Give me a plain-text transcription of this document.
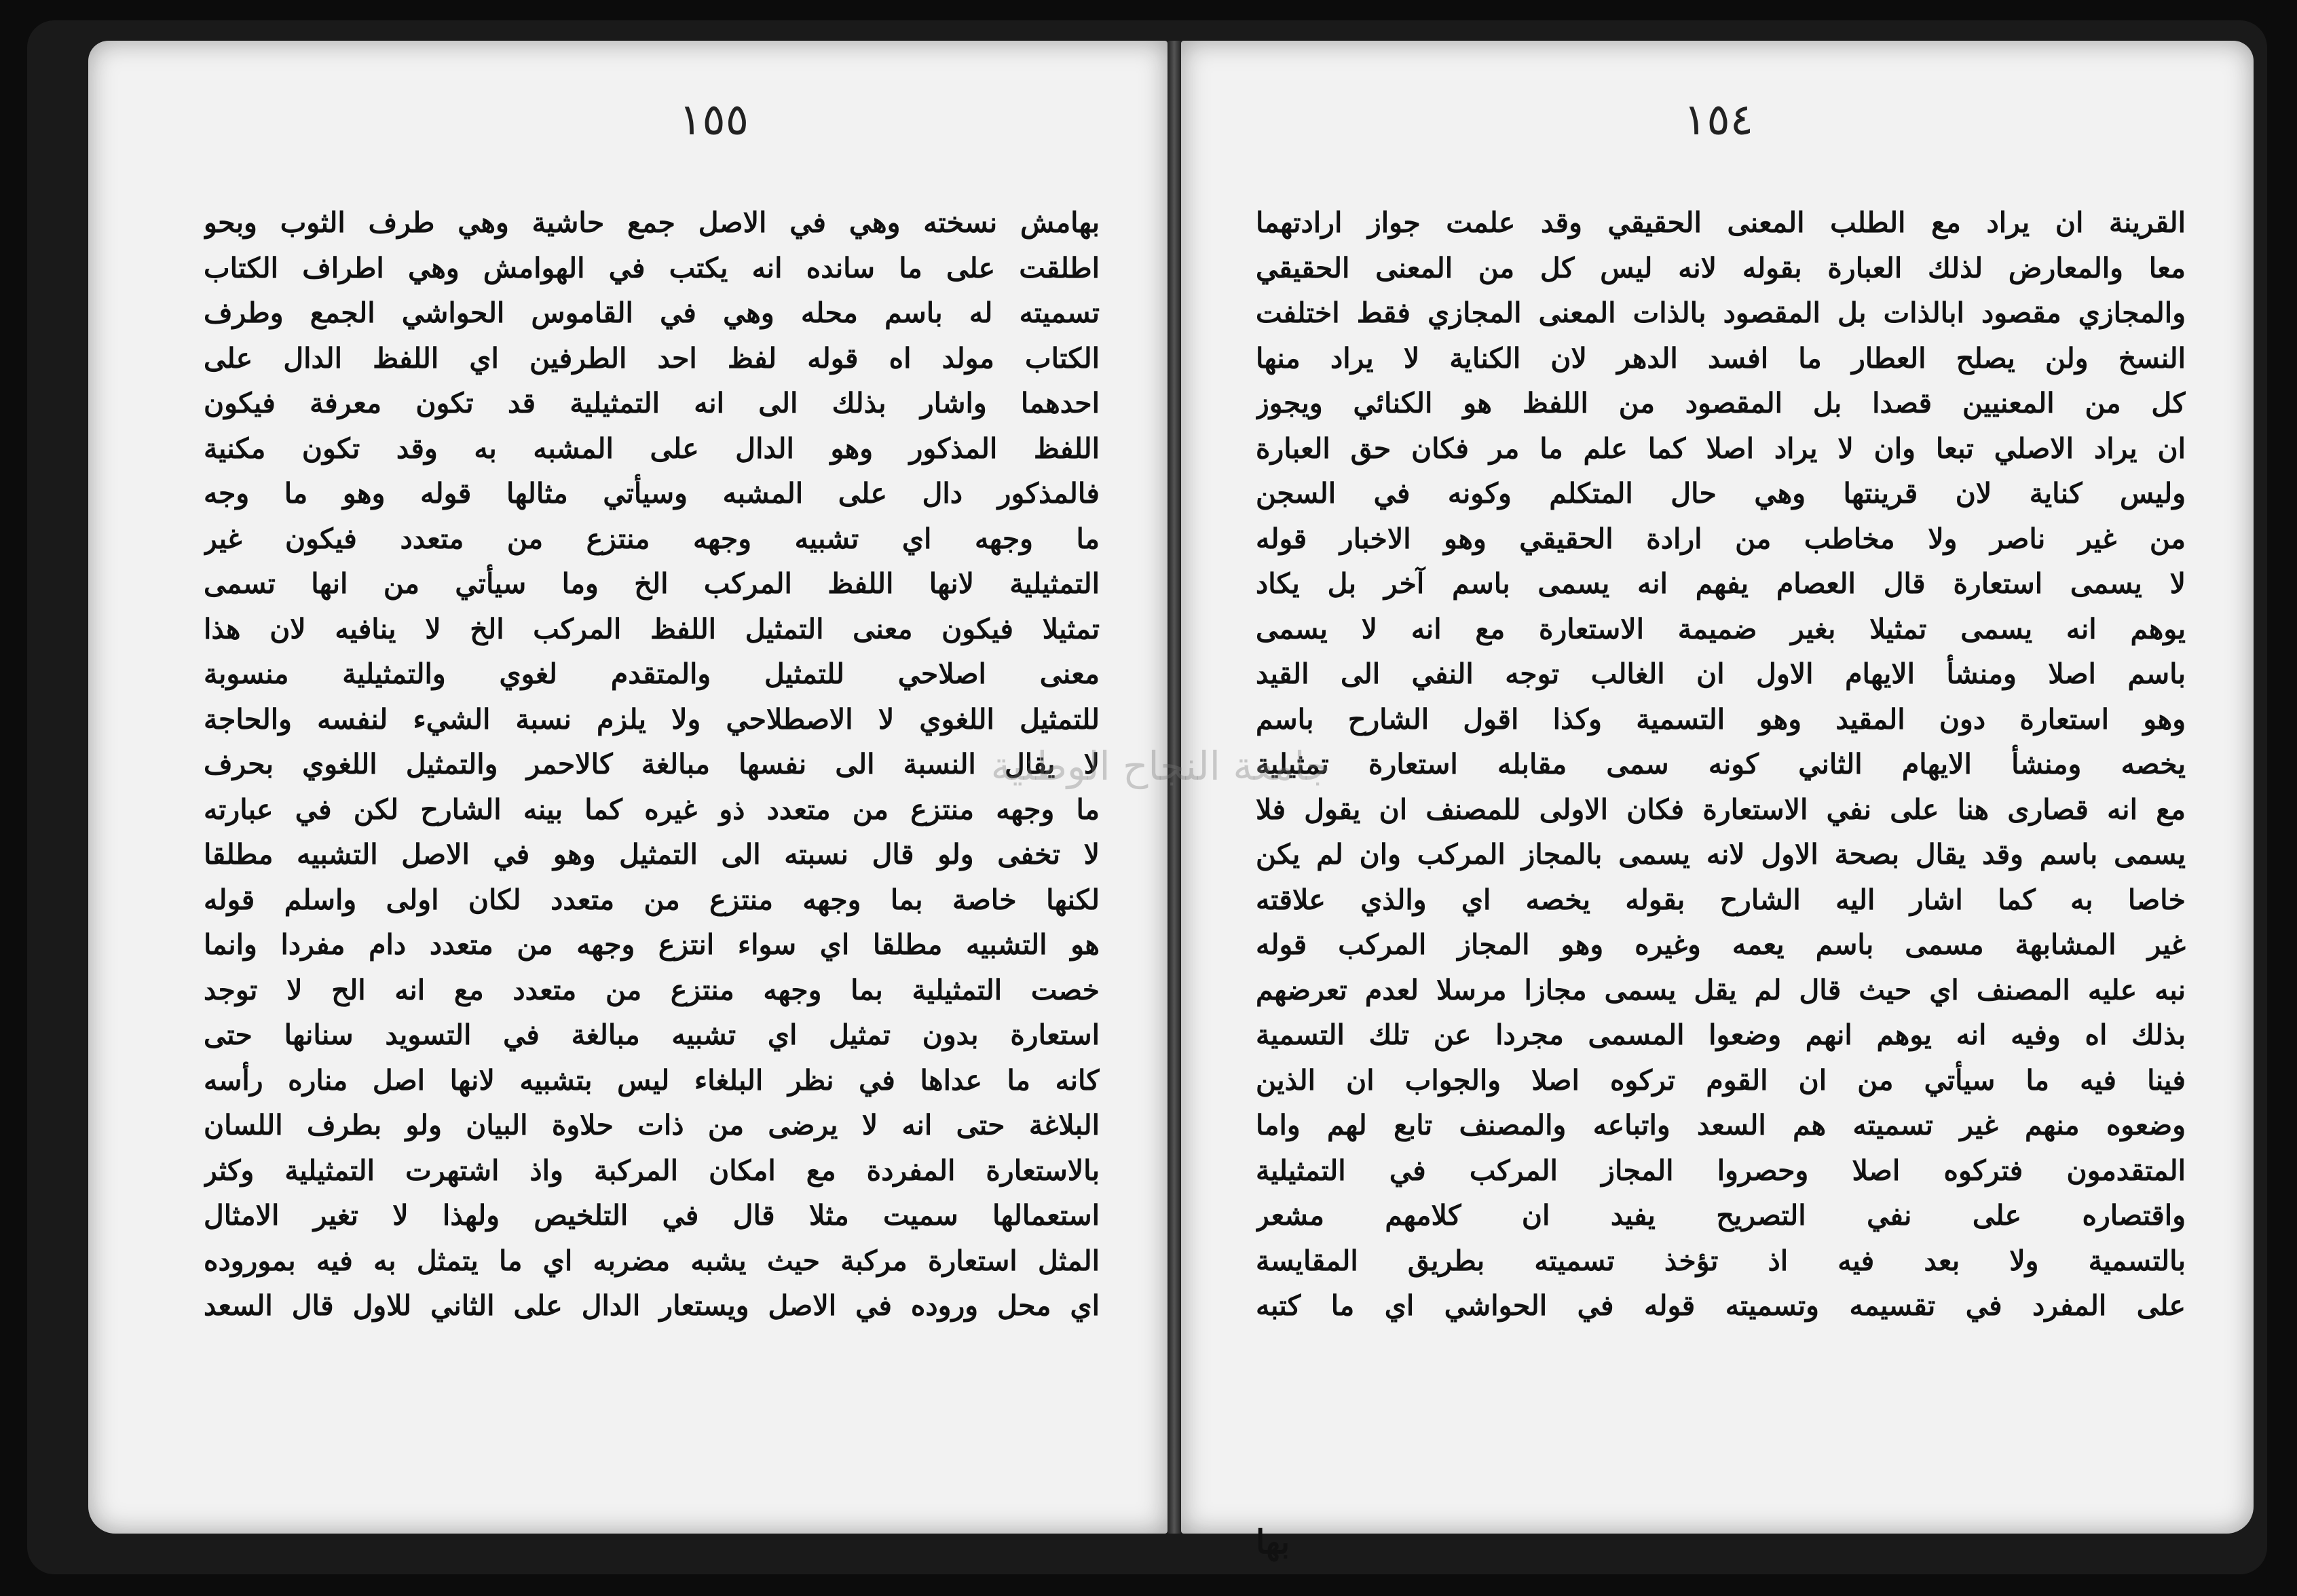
١٥٥
بهامش نسخته وهي في الاصل جمع حاشية وهي طرف الثوب وبحو
اطلقت على ما سانده انه يكتب في الهوامش وهي اطراف الكتاب
تسميته له باسم محله وهي في القاموس الحواشي الجمع وطرف
الكتاب مولد اه قوله لفظ احد الطرفين اي اللفظ الدال على
احدهما واشار بذلك الى انه التمثيلية قد تكون معرفة فيكون
اللفظ المذكور وهو الدال على المشبه به وقد تكون مكنية
فالمذكور دال على المشبه وسيأتي مثالها قوله وهو ما وجه
ما وجهه اي تشبيه وجهه منتزع من متعدد فيكون غير
التمثيلية لانها اللفظ المركب الخ وما سيأتي من انها تسمى
تمثيلا فيكون معنى التمثيل اللفظ المركب الخ لا ينافيه لان هذا
معنى اصلاحي للتمثيل والمتقدم لغوي والتمثيلية منسوبة
للتمثيل اللغوي لا الاصطلاحي ولا يلزم نسبة الشيء لنفسه والحاجة
لا يقال النسبة الى نفسها مبالغة كالاحمر والتمثيل اللغوي بحرف
ما وجهه منتزع من متعدد ذو غيره كما بينه الشارح لكن في عبارته
لا تخفى ولو قال نسبته الى التمثيل وهو في الاصل التشبيه مطلقا
لكنها خاصة بما وجهه منتزع من متعدد لكان اولى واسلم قوله
هو التشبيه مطلقا اي سواء انتزع وجهه من متعدد دام مفردا وانما
خصت التمثيلية بما وجهه منتزع من متعدد مع انه الح لا توجد
استعارة بدون تمثيل اي تشبيه مبالغة في التسويد سنانها حتى
كانه ما عداها في نظر البلغاء ليس بتشبيه لانها اصل مناره رأسه
البلاغة حتى انه لا يرضى من ذات حلاوة البيان ولو بطرف اللسان
بالاستعارة المفردة مع امكان المركبة واذ اشتهرت التمثيلية وكثر
استعمالها سميت مثلا قال في التلخيص ولهذا لا تغير الامثال
المثل استعارة مركبة حيث يشبه مضربه اي ما يتمثل به فيه بموروده
اي محل وروده في الاصل ويستعار الدال على الثاني للاول قال السعد
١٥٤
القرينة ان يراد مع الطلب المعنى الحقيقي وقد علمت جواز ارادتهما
معا والمعارض لذلك العبارة بقوله لانه ليس كل من المعنى الحقيقي
والمجازي مقصود ابالذات بل المقصود بالذات المعنى المجازي فقط اختلفت
النسخ ولن يصلح العطار ما افسد الدهر لان الكناية لا يراد منها
كل من المعنيين قصدا بل المقصود من اللفظ هو الكنائي ويجوز
ان يراد الاصلي تبعا وان لا يراد اصلا كما علم ما مر فكان حق العبارة
وليس كناية لان قرينتها وهي حال المتكلم وكونه في السجن
من غير ناصر ولا مخاطب من ارادة الحقيقي وهو الاخبار قوله
لا يسمى استعارة قال العصام يفهم انه يسمى باسم آخر بل يكاد
يوهم انه يسمى تمثيلا بغير ضميمة الاستعارة مع انه لا يسمى
باسم اصلا ومنشأ الايهام الاول ان الغالب توجه النفي الى القيد
وهو استعارة دون المقيد وهو التسمية وكذا اقول الشارح باسم
يخصه ومنشأ الايهام الثاني كونه سمى مقابله استعارة تمثيلية
مع انه قصارى هنا على نفي الاستعارة فكان الاولى للمصنف ان يقول فلا
يسمى باسم وقد يقال بصحة الاول لانه يسمى بالمجاز المركب وان لم يكن
خاصا به كما اشار اليه الشارح بقوله يخصه اي والذي علاقته
غير المشابهة مسمى باسم يعمه وغيره وهو المجاز المركب قوله
نبه عليه المصنف اي حيث قال لم يقل يسمى مجازا مرسلا لعدم تعرضهم
بذلك اه وفيه انه يوهم انهم وضعوا المسمى مجردا عن تلك التسمية
فينا فيه ما سيأتي من ان القوم تركوه اصلا والجواب ان الذين
وضعوه منهم غير تسميته هم السعد واتباعه والمصنف تابع لهم واما
المتقدمون فتركوه اصلا وحصروا المجاز المركب في التمثيلية
واقتصاره على نفي التصريح يفيد ان كلامهم مشعر
بالتسمية ولا بعد فيه اذ تؤخذ تسميته بطريق المقايسة
على المفرد في تقسيمه وتسميته قوله في الحواشي اي ما كتبه
بها
جامعة النجاح الوطنية
